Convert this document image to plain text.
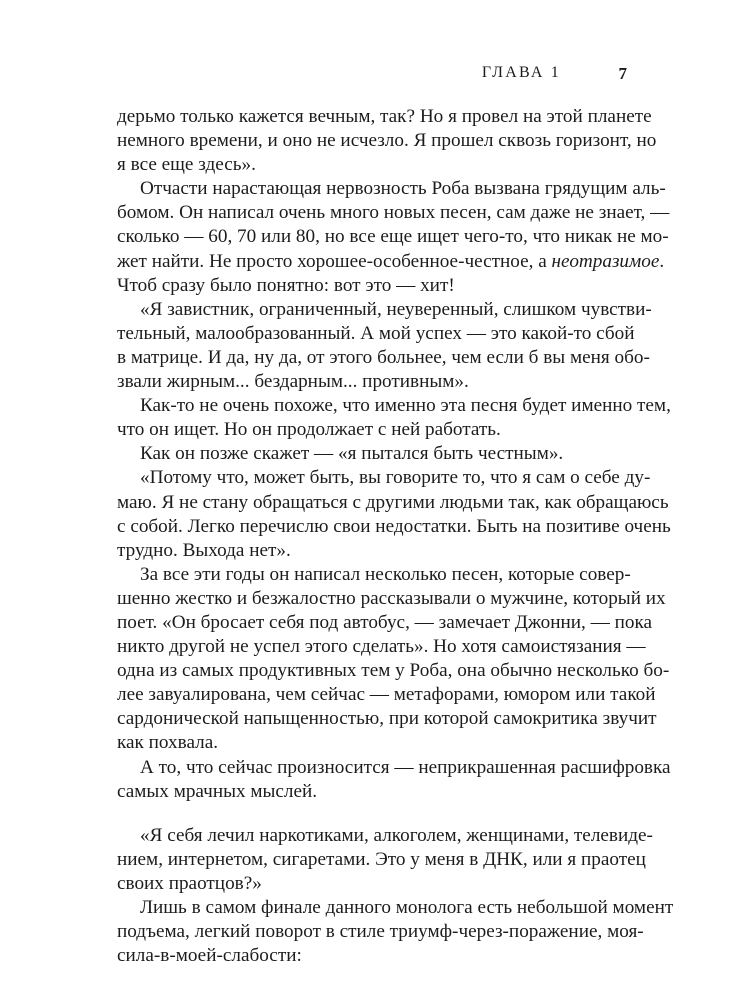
ГЛАВА 1	7
дерьмо только кажется вечным, так? Но я провел на этой планете
немного времени, и оно не исчезло. Я прошел сквозь горизонт, но
я все еще здесь».
Отчасти нарастающая нервозность Роба вызвана грядущим аль-
бомом. Он написал очень много новых песен, сам даже не знает, —
сколько — 60, 70 или 80, но все еще ищет чего-то, что никак не мо-
жет найти. Не просто хорошее-особенное-честное, а неотразимое.
Чтоб сразу было понятно: вот это — хит!
«Я завистник, ограниченный, неуверенный, слишком чувстви-
тельный, малообразованный. А мой успех — это какой-то сбой
в матрице. И да, ну да, от этого больнее, чем если б вы меня обо-
звали жирным... бездарным... противным».
Как-то не очень похоже, что именно эта песня будет именно тем,
что он ищет. Но он продолжает с ней работать.
Как он позже скажет — «я пытался быть честным».
«Потому что, может быть, вы говорите то, что я сам о себе ду-
маю. Я не стану обращаться с другими людьми так, как обращаюсь
с собой. Легко перечислю свои недостатки. Быть на позитиве очень
трудно. Выхода нет».
За все эти годы он написал несколько песен, которые совер-
шенно жестко и безжалостно рассказывали о мужчине, который их
поет. «Он бросает себя под автобус, — замечает Джонни, — пока
никто другой не успел этого сделать». Но хотя самоистязания —
одна из самых продуктивных тем у Роба, она обычно несколько бо-
лее завуалирована, чем сейчас — метафорами, юмором или такой
сардонической напыщенностью, при которой самокритика звучит
как похвала.
А то, что сейчас произносится — неприкрашенная расшифровка
самых мрачных мыслей.
«Я себя лечил наркотиками, алкоголем, женщинами, телевиде-
нием, интернетом, сигаретами. Это у меня в ДНК, или я праотец
своих праотцов?»
Лишь в самом финале данного монолога есть небольшой момент
подъема, легкий поворот в стиле триумф-через-поражение, моя-
сила-в-моей-слабости:
